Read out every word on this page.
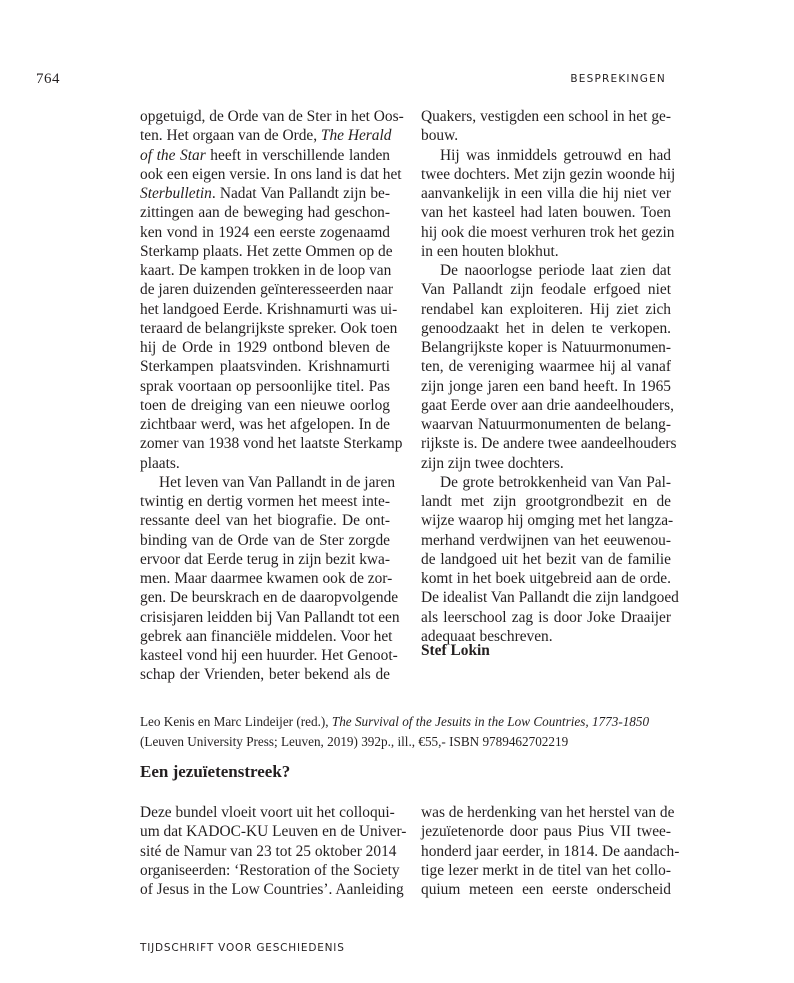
764	BESPREKINGEN
opgetuigd, de Orde van de Ster in het Oos-
ten. Het orgaan van de Orde, The Herald
of the Star heeft in verschillende landen
ook een eigen versie. In ons land is dat het
Sterbulletin. Nadat Van Pallandt zijn be-
zittingen aan de beweging had geschon-
ken vond in 1924 een eerste zogenaamd
Sterkamp plaats. Het zette Ommen op de
kaart. De kampen trokken in de loop van
de jaren duizenden geïnteresseerden naar
het landgoed Eerde. Krishnamurti was ui-
teraard de belangrijkste spreker. Ook toen
hij de Orde in 1929 ontbond bleven de
Sterkampen plaatsvinden. Krishnamurti
sprak voortaan op persoonlijke titel. Pas
toen de dreiging van een nieuwe oorlog
zichtbaar werd, was het afgelopen. In de
zomer van 1938 vond het laatste Sterkamp
plaats.
Het leven van Van Pallandt in de jaren
twintig en dertig vormen het meest inte-
ressante deel van het biografie. De ont-
binding van de Orde van de Ster zorgde
ervoor dat Eerde terug in zijn bezit kwa-
men. Maar daarmee kwamen ook de zor-
gen. De beurskrach en de daaropvolgende
crisisjaren leidden bij Van Pallandt tot een
gebrek aan financiële middelen. Voor het
kasteel vond hij een huurder. Het Genoot-
schap der Vrienden, beter bekend als de
Quakers, vestigden een school in het ge-
bouw.
Hij was inmiddels getrouwd en had
twee dochters. Met zijn gezin woonde hij
aanvankelijk in een villa die hij niet ver
van het kasteel had laten bouwen. Toen
hij ook die moest verhuren trok het gezin
in een houten blokhut.
De naoorlogse periode laat zien dat
Van Pallandt zijn feodale erfgoed niet
rendabel kan exploiteren. Hij ziet zich
genoodzaakt het in delen te verkopen.
Belangrijkste koper is Natuurmonumen-
ten, de vereniging waarmee hij al vanaf
zijn jonge jaren een band heeft. In 1965
gaat Eerde over aan drie aandeelhouders,
waarvan Natuurmonumenten de belang-
rijkste is. De andere twee aandeelhouders
zijn zijn twee dochters.
De grote betrokkenheid van Van Pal-
landt met zijn grootgrondbezit en de
wijze waarop hij omging met het langza-
merhand verdwijnen van het eeuwenou-
de landgoed uit het bezit van de familie
komt in het boek uitgebreid aan de orde.
De idealist Van Pallandt die zijn landgoed
als leerschool zag is door Joke Draaijer
adequaat beschreven.
Stef Lokin
Leo Kenis en Marc Lindeijer (red.), The Survival of the Jesuits in the Low Countries, 1773-1850 (Leuven University Press; Leuven, 2019) 392p., ill., €55,- ISBN 9789462702219
Een jezuïetenstreek?
Deze bundel vloeit voort uit het colloqui-
um dat KADOC-KU Leuven en de Univer-
sité de Namur van 23 tot 25 oktober 2014
organiseerden: ‘Restoration of the Society
of Jesus in the Low Countries’. Aanleiding
was de herdenking van het herstel van de
jezuïetenorde door paus Pius VII twee-
honderd jaar eerder, in 1814. De aandach-
tige lezer merkt in de titel van het collo-
quium meteen een eerste onderscheid
TIJDSCHRIFT VOOR GESCHIEDENIS
